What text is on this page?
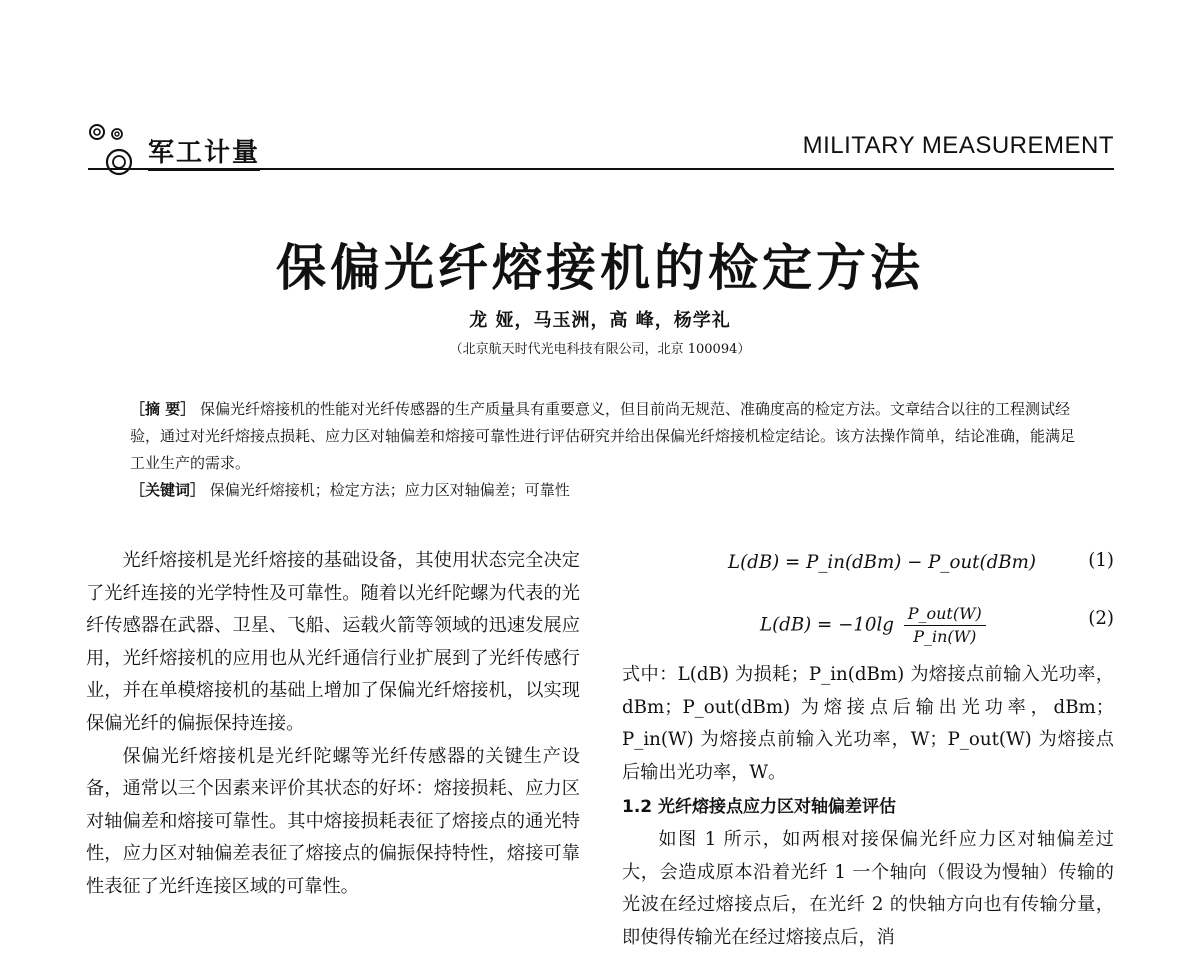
军工计量	MILITARY MEASUREMENT
保偏光纤熔接机的检定方法
龙 娅，马玉洲，高 峰，杨学礼
（北京航天时代光电科技有限公司，北京 100094）
［摘 要］ 保偏光纤熔接机的性能对光纤传感器的生产质量具有重要意义，但目前尚无规范、准确度高的检定方法。文章结合以往的工程测试经验，通过对光纤熔接点损耗、应力区对轴偏差和熔接可靠性进行评估研究并给出保偏光纤熔接机检定结论。该方法操作简单，结论准确，能满足工业生产的需求。
［关键词］ 保偏光纤熔接机；检定方法；应力区对轴偏差；可靠性

光纤熔接机是光纤熔接的基础设备，其使用状态完全决定了光纤连接的光学特性及可靠性。随着以光纤陀螺为代表的光纤传感器在武器、卫星、飞船、运载火箭等领域的迅速发展应用，光纤熔接机的应用也从光纤通信行业扩展到了光纤传感行业，并在单模熔接机的基础上增加了保偏光纤熔接机，以实现保偏光纤的偏振保持连接。

保偏光纤熔接机是光纤陀螺等光纤传感器的关键生产设备，通常以三个因素来评价其状态的好坏：熔接损耗、应力区对轴偏差和熔接可靠性。其中熔接损耗表征了熔接点的通光特性，应力区对轴偏差表征了熔接点的偏振保持特性，熔接可靠性表征了光纤连接区域的可靠性。

L(dB) = P_in(dBm) − P_out(dBm)	(1)
$L(dB) = -10\lg \frac{\text{P\_out(W)}}{P\_in(W)}$	(2)

式中：L(dB) 为损耗；P_in(dBm) 为熔接点前输入光功率，dBm；P_out(dBm) 为熔接点后输出光功率，dBm；P_in(W) 为熔接点前输入光功率，W；P_out(W) 为熔接点后输出光功率，W。

1.2 光纤熔接点应力区对轴偏差评估

如图 1 所示，如两根对接保偏光纤应力区对轴偏差过大，会造成原本沿着光纤 1 一个轴向（假设为慢轴）传输的光波在经过熔接点后，在光纤 2 的快轴方向也有传输分量，即使得传输光在经过熔接点后，消
